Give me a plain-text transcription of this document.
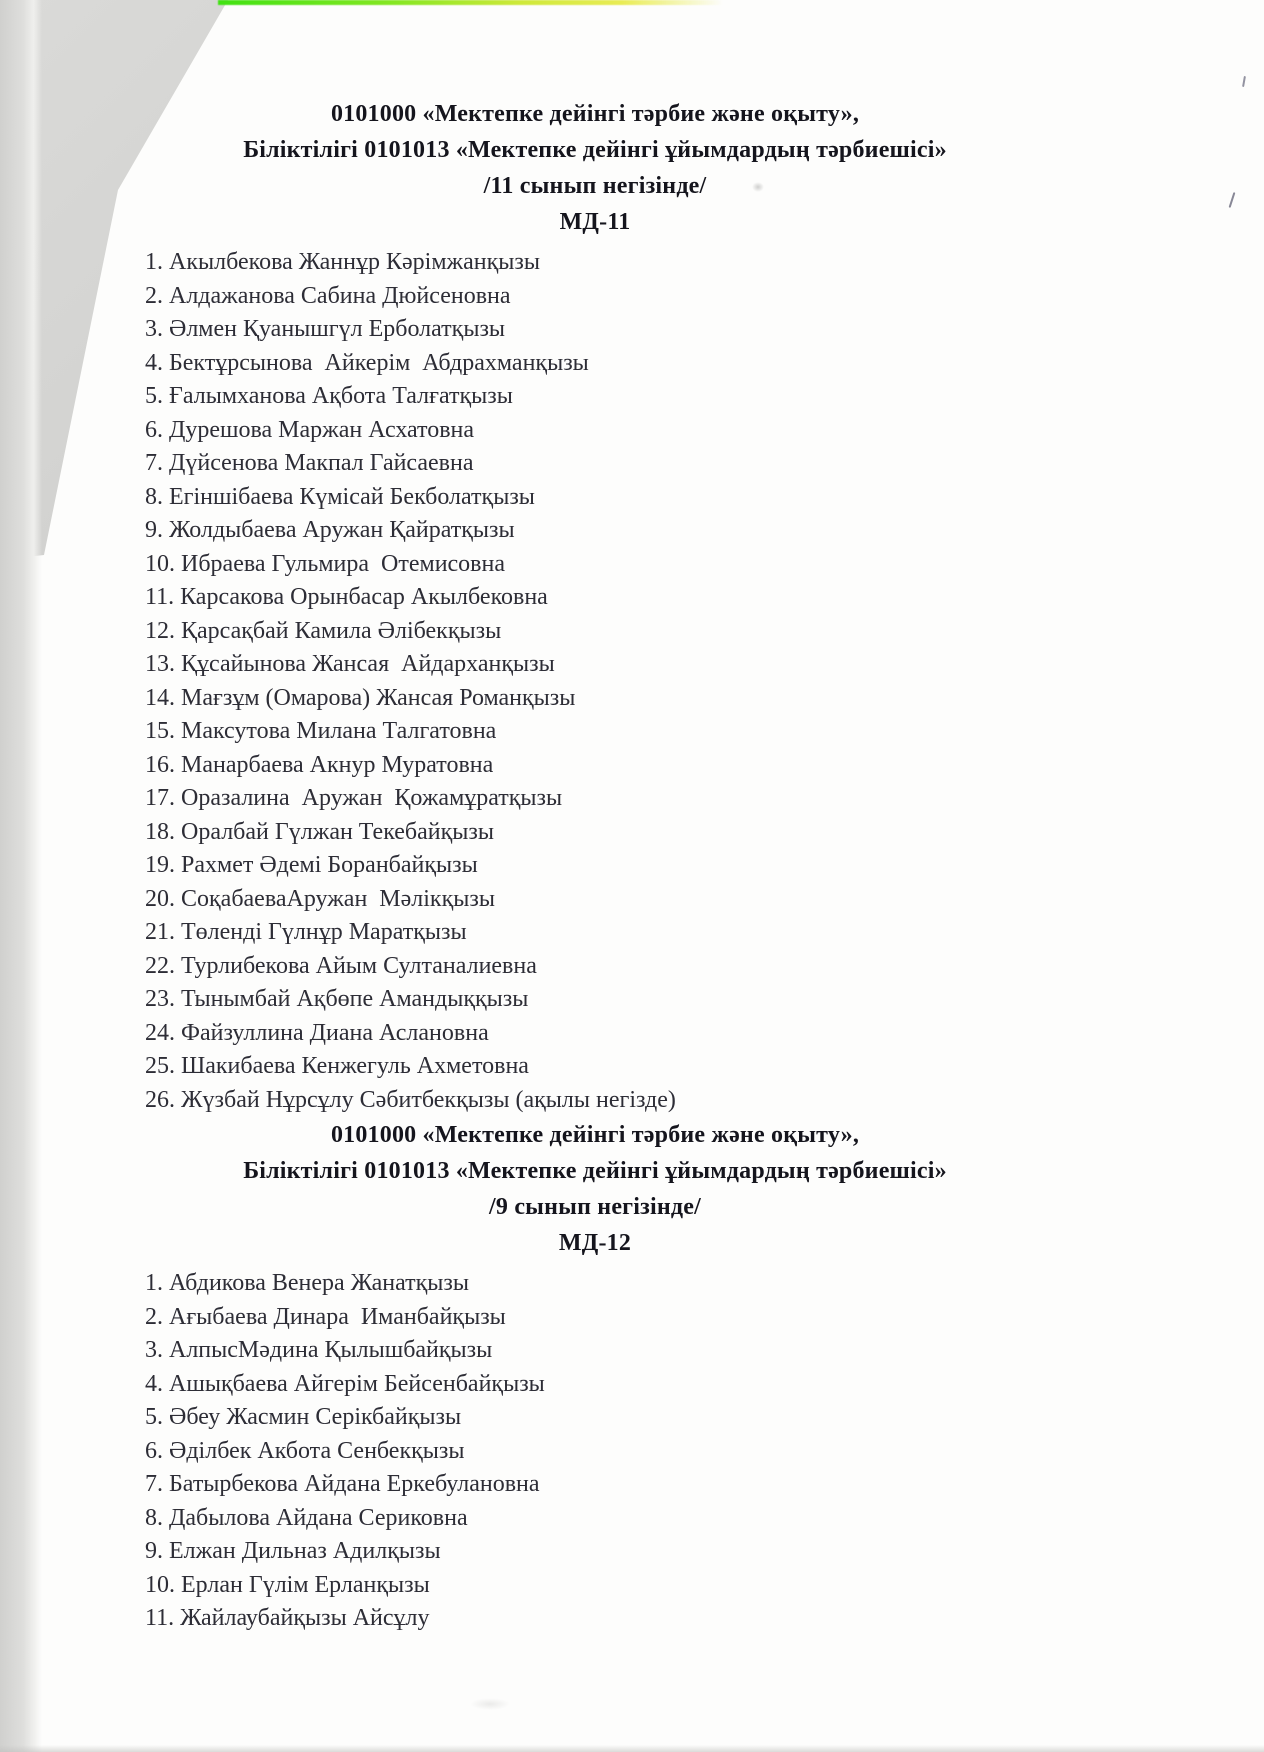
0101000 «Мектепке дейінгі тәрбие және оқыту»,
Біліктілігі 0101013 «Мектепке дейінгі ұйымдардың тәрбиешісі»
/11 сынып негізінде/
МД-11
1. Акылбекова Жаннұр Кәрімжанқызы
2. Алдажанова Сабина Дюйсеновна
3. Әлмен Қуанышгүл Ерболатқызы
4. Бектұрсынова  Айкерім  Абдрахманқызы
5. Ғалымханова Ақбота Талғатқызы
6. Дурешова Маржан Асхатовна
7. Дүйсенова Макпал Гайсаевна
8. Егіншібаева Күмісай Бекболатқызы
9. Жолдыбаева Аружан Қайратқызы
10. Ибраева Гульмира  Отемисовна
11. Карсакова Орынбасар Акылбековна
12. Қарсақбай Камила Әлібекқызы
13. Құсайынова Жансая  Айдарханқызы
14. Мағзұм (Омарова) Жансая Романқызы
15. Максутова Милана Талгатовна
16. Манарбаева Акнур Муратовна
17. Оразалина  Аружан  Қожамұратқызы
18. Оралбай Гүлжан Текебайқызы
19. Рахмет Әдемі Боранбайқызы
20. СоқабаеваАружан  Мәлікқызы
21. Төленді Гүлнұр Маратқызы
22. Турлибекова Айым Султаналиевна
23. Тынымбай Ақбөпе Амандыққызы
24. Файзуллина Диана Аслановна
25. Шакибаева Кенжегуль Ахметовна
26. Жүзбай Нұрсұлу Сәбитбекқызы (ақылы негізде)
0101000 «Мектепке дейінгі тәрбие және оқыту»,
Біліктілігі 0101013 «Мектепке дейінгі ұйымдардың тәрбиешісі»
/9 сынып негізінде/
МД-12
1. Абдикова Венера Жанатқызы
2. Ағыбаева Динара  Иманбайқызы
3. АлпысМәдина Қылышбайқызы
4. Ашықбаева Айгерім Бейсенбайқызы
5. Әбеу Жасмин Серікбайқызы
6. Әділбек Акбота Сенбекқызы
7. Батырбекова Айдана Еркебулановна
8. Дабылова Айдана Сериковна
9. Елжан Дильназ Адилқызы
10. Ерлан Гүлім Ерланқызы
11. Жайлаубайқызы Айсұлу
